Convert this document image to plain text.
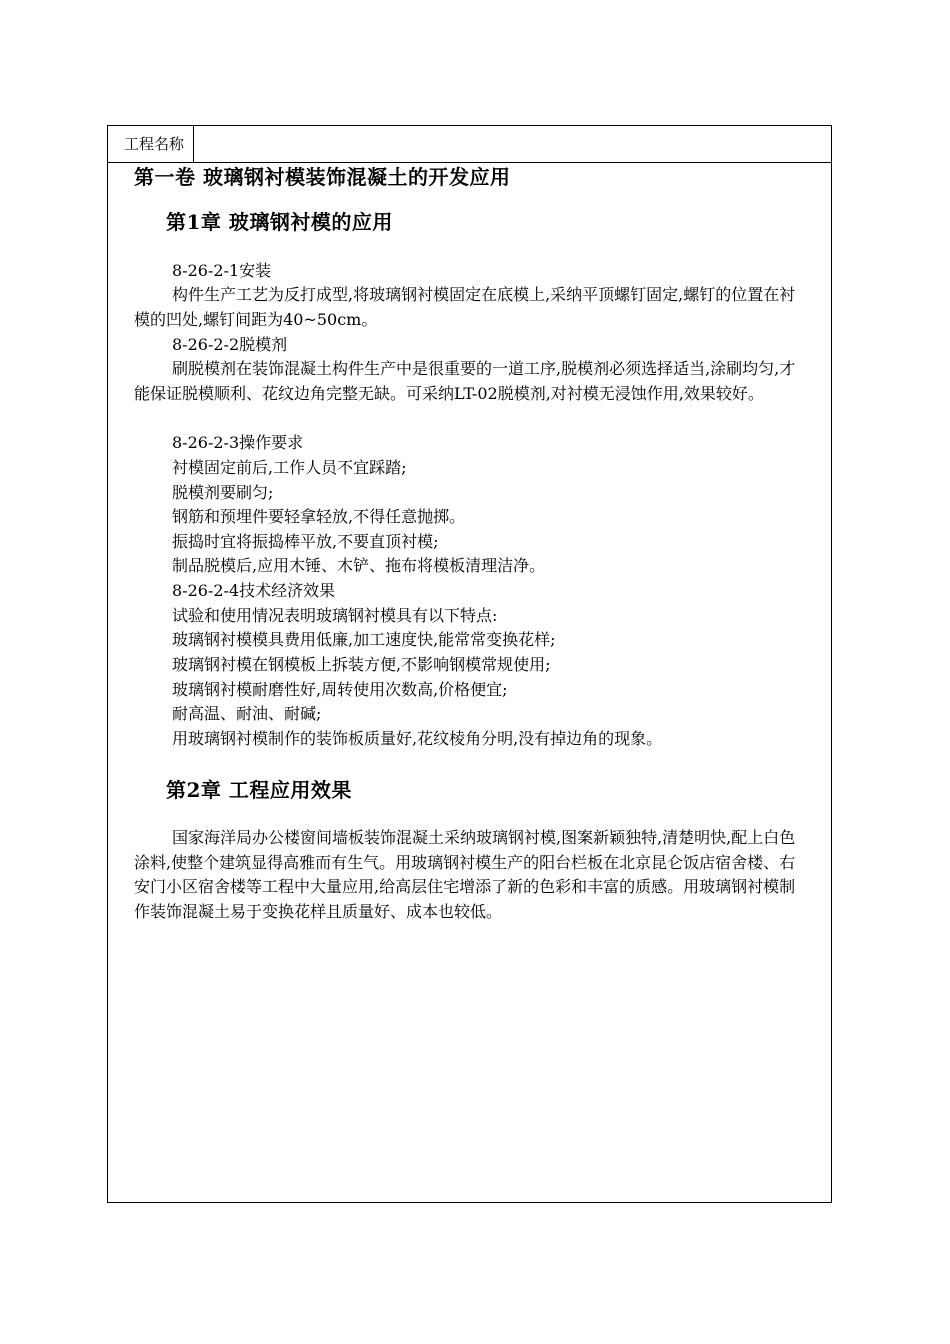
工程名称
第一卷 玻璃钢衬模装饰混凝土的开发应用
第1章 玻璃钢衬模的应用
8-26-2-1安装

构件生产工艺为反打成型,将玻璃钢衬模固定在底模上,采纳平顶螺钉固定,螺钉的位置在衬模的凹处,螺钉间距为40~50cm。

8-26-2-2脱模剂

刷脱模剂在装饰混凝土构件生产中是很重要的一道工序,脱模剂必须选择适当,涂刷均匀,才能保证脱模顺利、花纹边角完整无缺。可采纳LT-02脱模剂,对衬模无浸蚀作用,效果较好。

8-26-2-3操作要求
衬模固定前后,工作人员不宜踩踏;
脱模剂要刷匀;
钢筋和预埋件要轻拿轻放,不得任意抛掷。
振捣时宜将振捣棒平放,不要直顶衬模;
制品脱模后,应用木锤、木铲、拖布将模板清理洁净。
8-26-2-4技术经济效果
试验和使用情况表明玻璃钢衬模具有以下特点:
玻璃钢衬模模具费用低廉,加工速度快,能常常变换花样;
玻璃钢衬模在钢模板上拆装方便,不影响钢模常规使用;
玻璃钢衬模耐磨性好,周转使用次数高,价格便宜;
耐高温、耐油、耐碱;
用玻璃钢衬模制作的装饰板质量好,花纹棱角分明,没有掉边角的现象。
第2章 工程应用效果

国家海洋局办公楼窗间墙板装饰混凝土采纳玻璃钢衬模,图案新颖独特,清楚明快,配上白色涂料,使整个建筑显得高雅而有生气。用玻璃钢衬模生产的阳台栏板在北京昆仑饭店宿舍楼、右安门小区宿舍楼等工程中大量应用,给高层住宅增添了新的色彩和丰富的质感。用玻璃钢衬模制作装饰混凝土易于变换花样且质量好、成本也较低。
